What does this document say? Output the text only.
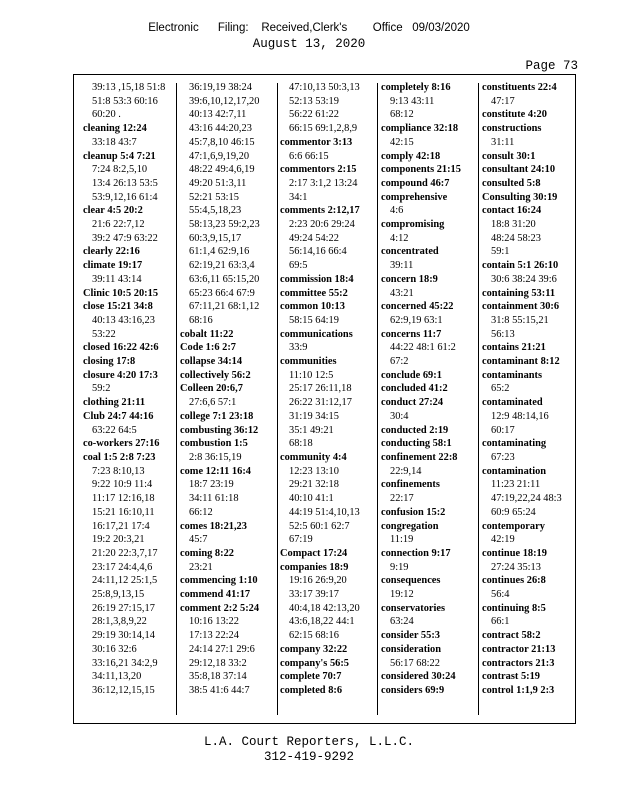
Electronic      Filing:    Received,Clerk's        Office   09/03/2020
August 13, 2020
Page 73
39:13 ,15,18 51:8
51:8 53:3 60:16
60:20 .
cleaning 12:24
33:18 43:7
cleanup 5:4 7:21
7:24 8:2,5,10
13:4 26:13 53:5
53:9,12,16 61:4
clear 4:5 20:2
21:6 22:7,12
39:2 47:9 63:22
clearly 22:16
climate 19:17
39:11 43:14
Clinic 10:5 20:15
close 15:21 34:8
40:13 43:16,23
53:22
closed 16:22 42:6
closing 17:8
closure 4:20 17:3
59:2
clothing 21:11
Club 24:7 44:16
63:22 64:5
co-workers 27:16
coal 1:5 2:8 7:23
7:23 8:10,13
9:22 10:9 11:4
11:17 12:16,18
15:21 16:10,11
16:17,21 17:4
19:2 20:3,21
21:20 22:3,7,17
23:17 24:4,4,6
24:11,12 25:1,5
25:8,9,13,15
26:19 27:15,17
28:1,3,8,9,22
29:19 30:14,14
30:16 32:6
33:16,21 34:2,9
34:11,13,20
36:12,12,15,15
36:19,19 38:24
39:6,10,12,17,20
40:13 42:7,11
43:16 44:20,23
45:7,8,10 46:15
47:1,6,9,19,20
48:22 49:4,6,19
49:20 51:3,11
52:21 53:15
55:4,5,18,23
58:13,23 59:2,23
60:3,9,15,17
61:1,4 62:9,16
62:19,21 63:3,4
63:6,11 65:15,20
65:23 66:4 67:9
67:11,21 68:1,12
68:16
cobalt 11:22
Code 1:6 2:7
collapse 34:14
collectively 56:2
Colleen 20:6,7
27:6,6 57:1
college 7:1 23:18
combusting 36:12
combustion 1:5
2:8 36:15,19
come 12:11 16:4
18:7 23:19
34:11 61:18
66:12
comes 18:21,23
45:7
coming 8:22
23:21
commencing 1:10
commend 41:17
comment 2:2 5:24
10:16 13:22
17:13 22:24
24:14 27:1 29:6
29:12,18 33:2
35:8,18 37:14
38:5 41:6 44:7
47:10,13 50:3,13
52:13 53:19
56:22 61:22
66:15 69:1,2,8,9
commentor 3:13
6:6 66:15
commentors 2:15
2:17 3:1,2 13:24
34:1
comments 2:12,17
2:23 20:6 29:24
49:24 54:22
56:14,16 66:4
69:5
commission 18:4
committee 55:2
common 10:13
58:15 64:19
communications
33:9
communities
11:10 12:5
25:17 26:11,18
26:22 31:12,17
31:19 34:15
35:1 49:21
68:18
community 4:4
12:23 13:10
29:21 32:18
40:10 41:1
44:19 51:4,10,13
52:5 60:1 62:7
67:19
Compact 17:24
companies 18:9
19:16 26:9,20
33:17 39:17
40:4,18 42:13,20
43:6,18,22 44:1
62:15 68:16
company 32:22
company's 56:5
complete 70:7
completed 8:6
completely 8:16
9:13 43:11
68:12
compliance 32:18
42:15
comply 42:18
components 21:15
compound 46:7
comprehensive
4:6
compromising
4:12
concentrated
39:11
concern 18:9
43:21
concerned 45:22
62:9,19 63:1
concerns 11:7
44:22 48:1 61:2
67:2
conclude 69:1
concluded 41:2
conduct 27:24
30:4
conducted 2:19
conducting 58:1
confinement 22:8
22:9,14
confinements
22:17
confusion 15:2
congregation
11:19
connection 9:17
9:19
consequences
19:12
conservatories
63:24
consider 55:3
consideration
56:17 68:22
considered 30:24
considers 69:9
constituents 22:4
47:17
constitute 4:20
constructions
31:11
consult 30:1
consultant 24:10
consulted 5:8
Consulting 30:19
contact 16:24
18:8 31:20
48:24 58:23
59:1
contain 5:1 26:10
30:6 38:24 39:6
containing 53:11
containment 30:6
31:8 55:15,21
56:13
contains 21:21
contaminant 8:12
contaminants
65:2
contaminated
12:9 48:14,16
60:17
contaminating
67:23
contamination
11:23 21:11
47:19,22,24 48:3
60:9 65:24
contemporary
42:19
continue 18:19
27:24 35:13
continues 26:8
56:4
continuing 8:5
66:1
contract 58:2
contractor 21:13
contractors 21:3
contrast 5:19
control 1:1,9 2:3
L.A. Court Reporters, L.L.C.
312-419-9292
